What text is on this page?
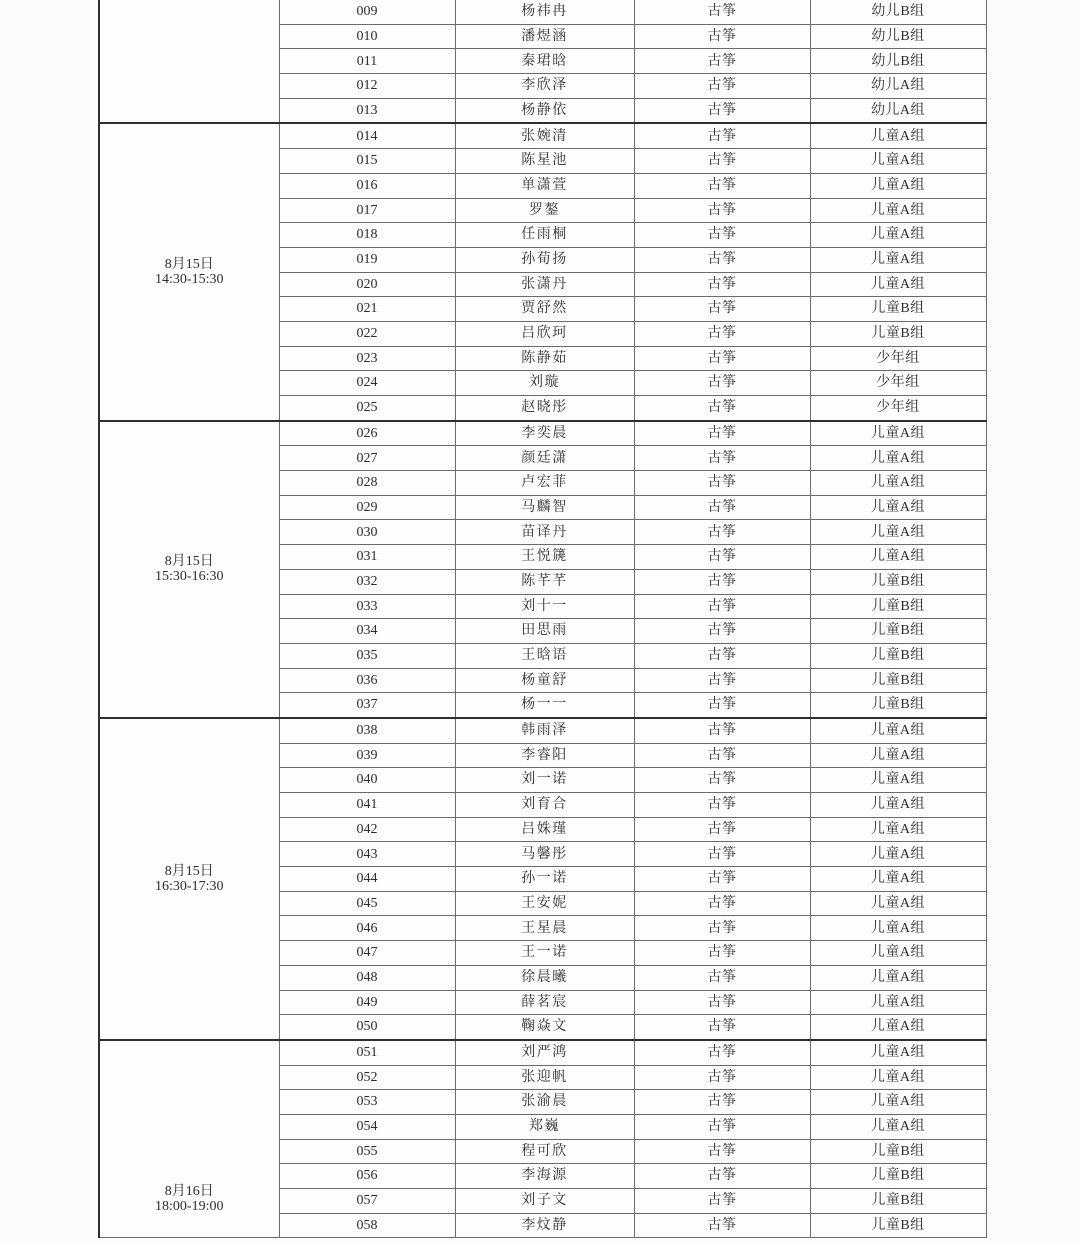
	009	杨祎冉	古筝	幼儿B组
	010	潘煜涵	古筝	幼儿B组
	011	秦珺晗	古筝	幼儿B组
	012	李欣泽	古筝	幼儿A组
	013	杨静依	古筝	幼儿A组

8月15日
14:30-15:30	014	张婉清	古筝	儿童A组
	015	陈星池	古筝	儿童A组
	016	单潇萱	古筝	儿童A组
	017	罗鏊	古筝	儿童A组
	018	任雨桐	古筝	儿童A组
	019	孙荀扬	古筝	儿童A组
	020	张潇丹	古筝	儿童A组
	021	贾舒然	古筝	儿童B组
	022	吕欣珂	古筝	儿童B组
	023	陈静茹	古筝	少年组
	024	刘璇	古筝	少年组
	025	赵晓彤	古筝	少年组

8月15日
15:30-16:30	026	李奕晨	古筝	儿童A组
	027	颜廷潇	古筝	儿童A组
	028	卢宏菲	古筝	儿童A组
	029	马麟智	古筝	儿童A组
	030	苗译丹	古筝	儿童A组
	031	王悦篪	古筝	儿童A组
	032	陈芊芊	古筝	儿童B组
	033	刘十一	古筝	儿童B组
	034	田思雨	古筝	儿童B组
	035	王晗语	古筝	儿童B组
	036	杨童舒	古筝	儿童B组
	037	杨一一	古筝	儿童B组

8月15日
16:30-17:30	038	韩雨泽	古筝	儿童A组
	039	李睿阳	古筝	儿童A组
	040	刘一诺	古筝	儿童A组
	041	刘育合	古筝	儿童A组
	042	吕姝瑾	古筝	儿童A组
	043	马馨彤	古筝	儿童A组
	044	孙一诺	古筝	儿童A组
	045	王安妮	古筝	儿童A组
	046	王星晨	古筝	儿童A组
	047	王一诺	古筝	儿童A组
	048	徐晨曦	古筝	儿童A组
	049	薛茗宸	古筝	儿童A组
	050	鞠焱文	古筝	儿童A组

8月16日
18:00-19:00	051	刘严鸿	古筝	儿童A组
	052	张迎帆	古筝	儿童A组
	053	张渝晨	古筝	儿童A组
	054	郑巍	古筝	儿童A组
	055	程可欣	古筝	儿童B组
	056	李海源	古筝	儿童B组
	057	刘子文	古筝	儿童B组
	058	李炆静	古筝	儿童B组
